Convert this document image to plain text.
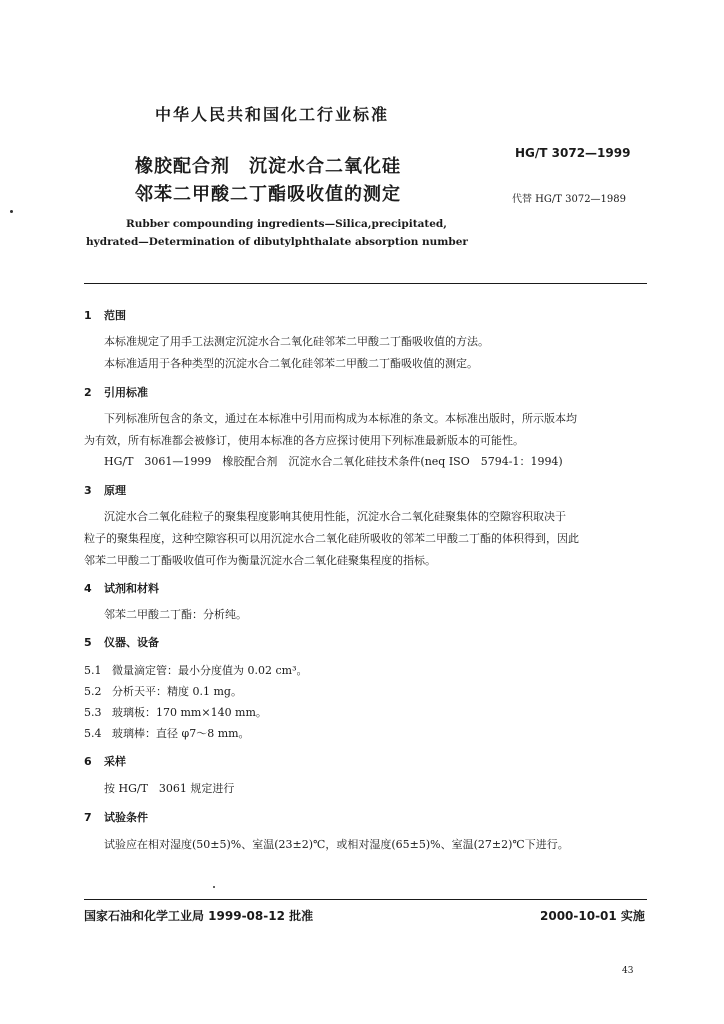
中华人民共和国化工行业标准
橡胶配合剂　沉淀水合二氧化硅
邻苯二甲酸二丁酯吸收值的测定
HG/T 3072—1999
代替 HG/T 3072—1989
Rubber compounding ingredients—Silica,precipitated,
hydrated—Determination of dibutylphthalate absorption number
1 范围
本标准规定了用手工法测定沉淀水合二氧化硅邻苯二甲酸二丁酯吸收值的方法。
本标准适用于各种类型的沉淀水合二氧化硅邻苯二甲酸二丁酯吸收值的测定。
2 引用标准
下列标准所包含的条文，通过在本标准中引用而构成为本标准的条文。本标准出版时，所示版本均
为有效，所有标准都会被修订，使用本标准的各方应探讨使用下列标准最新版本的可能性。
HG/T　3061—1999　橡胶配合剂　沉淀水合二氧化硅技术条件(neq ISO　5794-1：1994)
3 原理
沉淀水合二氧化硅粒子的聚集程度影响其使用性能，沉淀水合二氧化硅聚集体的空隙容积取决于
粒子的聚集程度，这种空隙容积可以用沉淀水合二氧化硅所吸收的邻苯二甲酸二丁酯的体积得到，因此
邻苯二甲酸二丁酯吸收值可作为衡量沉淀水合二氧化硅聚集程度的指标。
4 试剂和材料
邻苯二甲酸二丁酯：分析纯。
5 仪器、设备
5.1 微量滴定管：最小分度值为 0.02 cm³。
5.2 分析天平：精度 0.1 mg。
5.3 玻璃板：170 mm×140 mm。
5.4 玻璃棒：直径 φ7～8 mm。
6 采样
按 HG/T　3061 规定进行
7 试验条件
试验应在相对湿度(50±5)%、室温(23±2)℃，或相对湿度(65±5)%、室温(27±2)℃下进行。
国家石油和化学工业局 1999-08-12 批准	2000-10-01 实施
43
